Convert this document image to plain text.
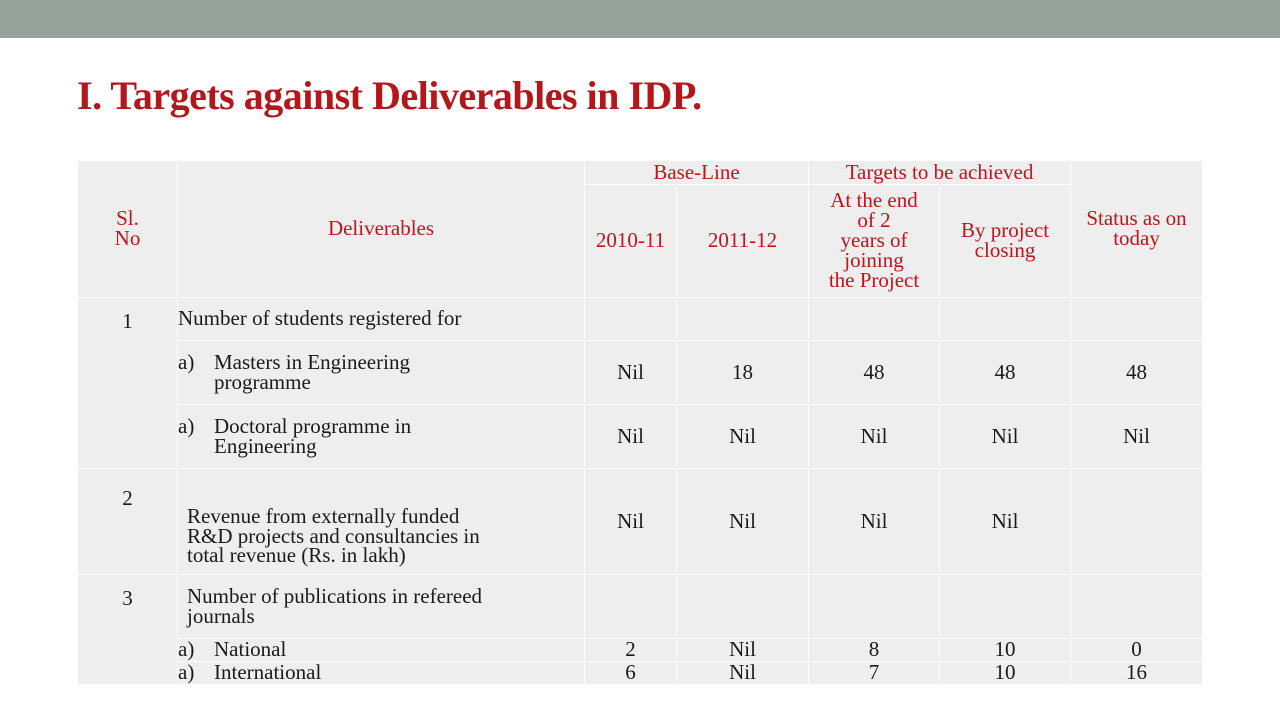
I. Targets against Deliverables in IDP.
Sl.
No	Deliverables	Base-Line		Targets to be achieved		Status as on
today

		2010-11	2011-12	At the end
of 2
years of
joining
the Project	By project
closing	

1	Number of students registered for					

	a) Masters in Engineering
programme	Nil	18	48	48	48

	a) Doctoral programme in
Engineering	Nil	Nil	Nil	Nil	Nil
2	Revenue from externally funded
R&D projects and consultancies in
total revenue (Rs. in lakh)	Nil	Nil	Nil	Nil	
3	Number of publications in refereed
journals					

	a) National	2	Nil	8	10	0

	a) International	6	Nil	7	10	16
